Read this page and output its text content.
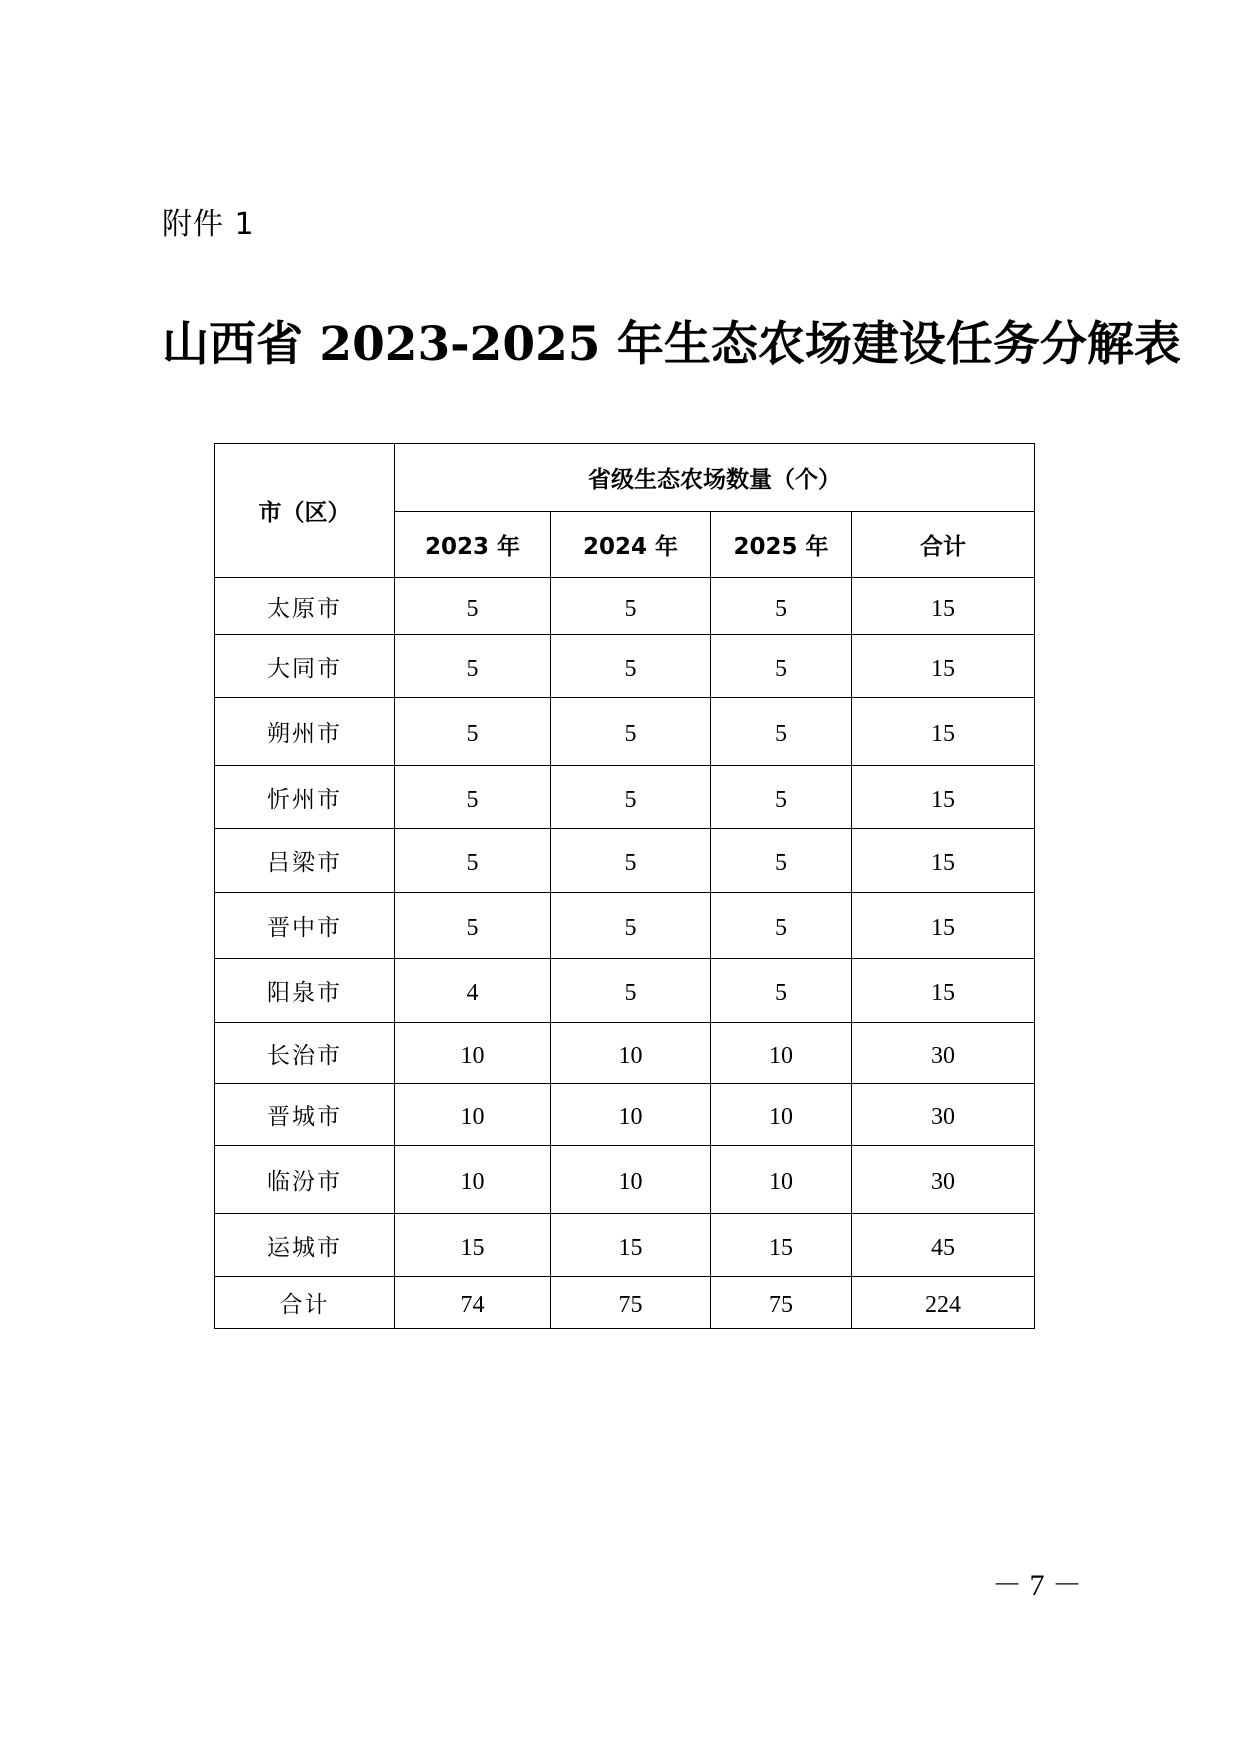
附件 1
山西省 2023-2025 年生态农场建设任务分解表
市（区）	省级生态农场数量（个）			
	2023 年	2024 年	2025 年	合计
太原市	5	5	5	15
大同市	5	5	5	15
朔州市	5	5	5	15
忻州市	5	5	5	15
吕梁市	5	5	5	15
晋中市	5	5	5	15
阳泉市	4	5	5	15
长治市	10	10	10	30
晋城市	10	10	10	30
临汾市	10	10	10	30
运城市	15	15	15	45
合计	74	75	75	224
－ 7 －
